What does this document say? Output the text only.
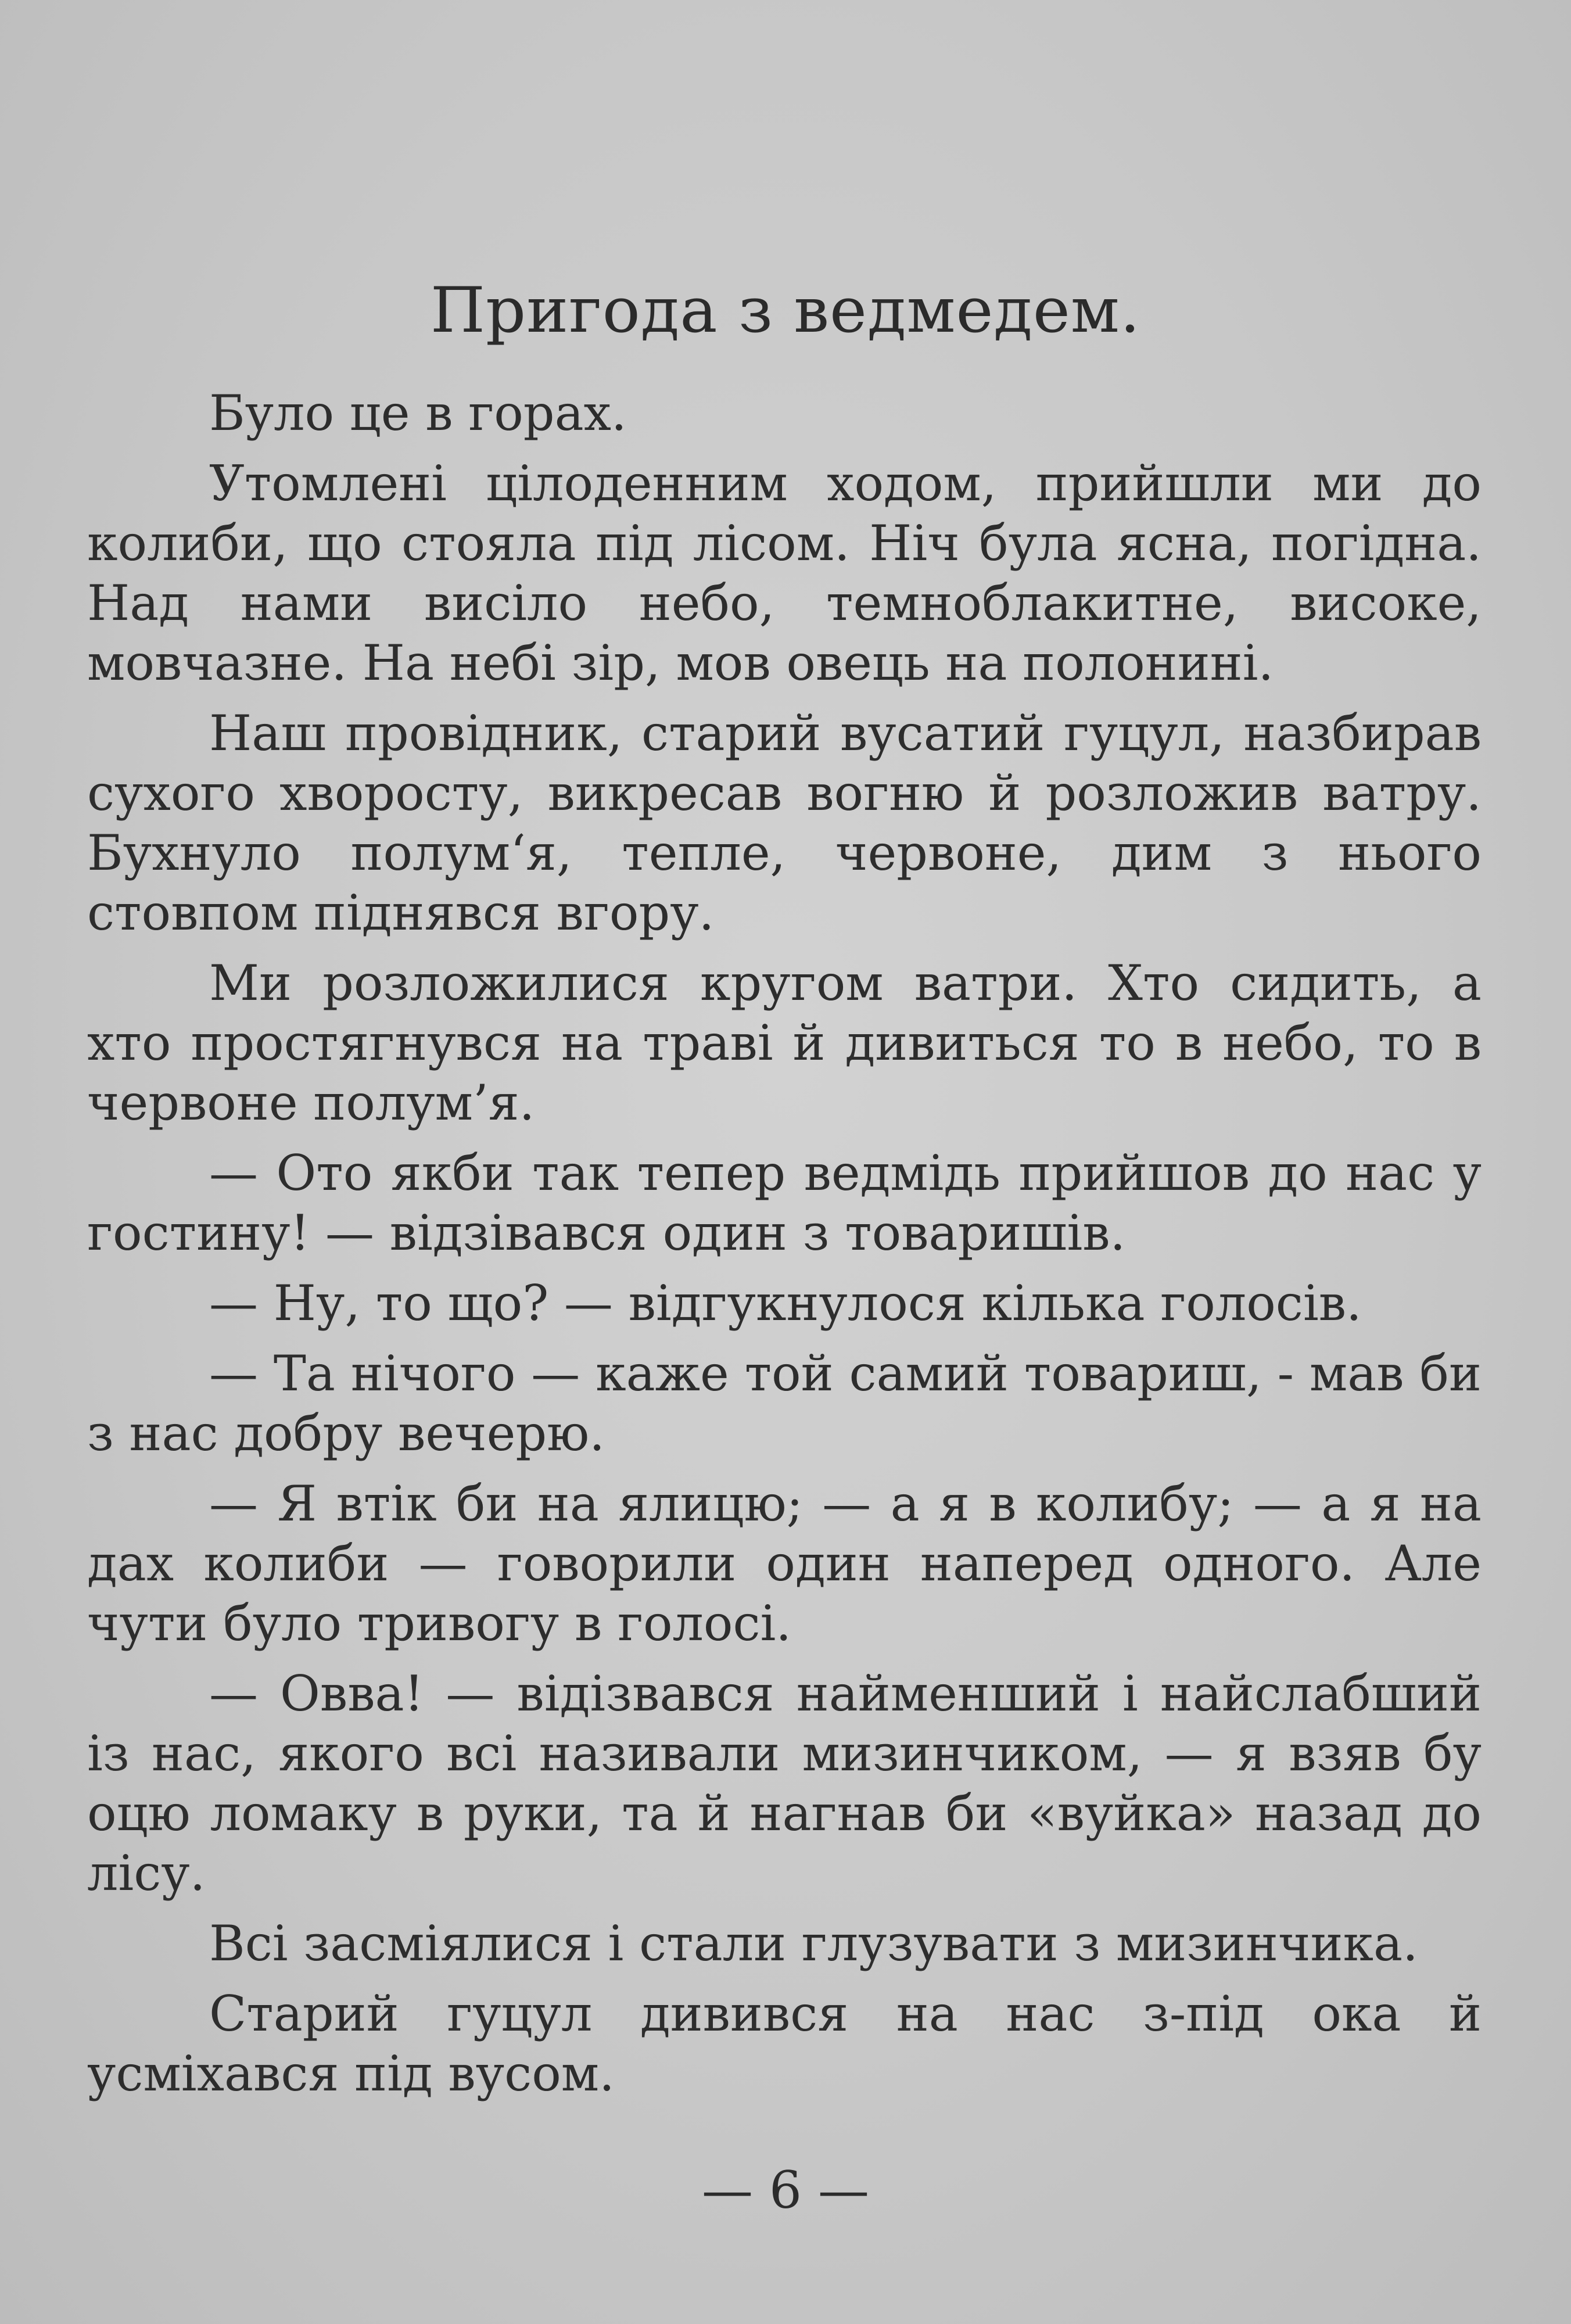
Пригода з ведмедем.

Було це в горах.

Утомлені цілоденним ходом, прийшли ми до колиби, що стояла під лісом. Ніч була ясна, погідна. Над нами висіло небо, темноблакитне, високе, мовчазне. На небі зір, мов овець на полонині.

Наш провідник, старий вусатий гуцул, назбирав сухого хворосту, викресав вогню й розложив ватру. Бухнуло полум‘я, тепле, червоне, дим з нього стовпом піднявся вгору.

Ми розложилися кругом ватри. Хто сидить, а хто простягнувся на траві й дивиться то в небо, то в червоне полум’я.

— Ото якби так тепер ведмідь прийшов до нас у гостину! — відзівався один з товаришів.

— Ну, то що? — відгукнулося кілька голосів.

— Та нічого — каже той самий товариш, - мав би з нас добру вечерю.

— Я втік би на ялицю; — а я в колибу; — а я на дах колиби — говорили один наперед одного. Але чути було тривогу в голосі.

— Овва! — відізвався найменший і найслабший із нас, якого всі називали мизинчиком, — я взяв бу оцю ломаку в руки, та й нагнав би «вуйка» назад до лісу.

Всі засміялися і стали глузувати з мизинчика.

Старий гуцул дивився на нас з-під ока й усміхався під вусом.

— 6 —
